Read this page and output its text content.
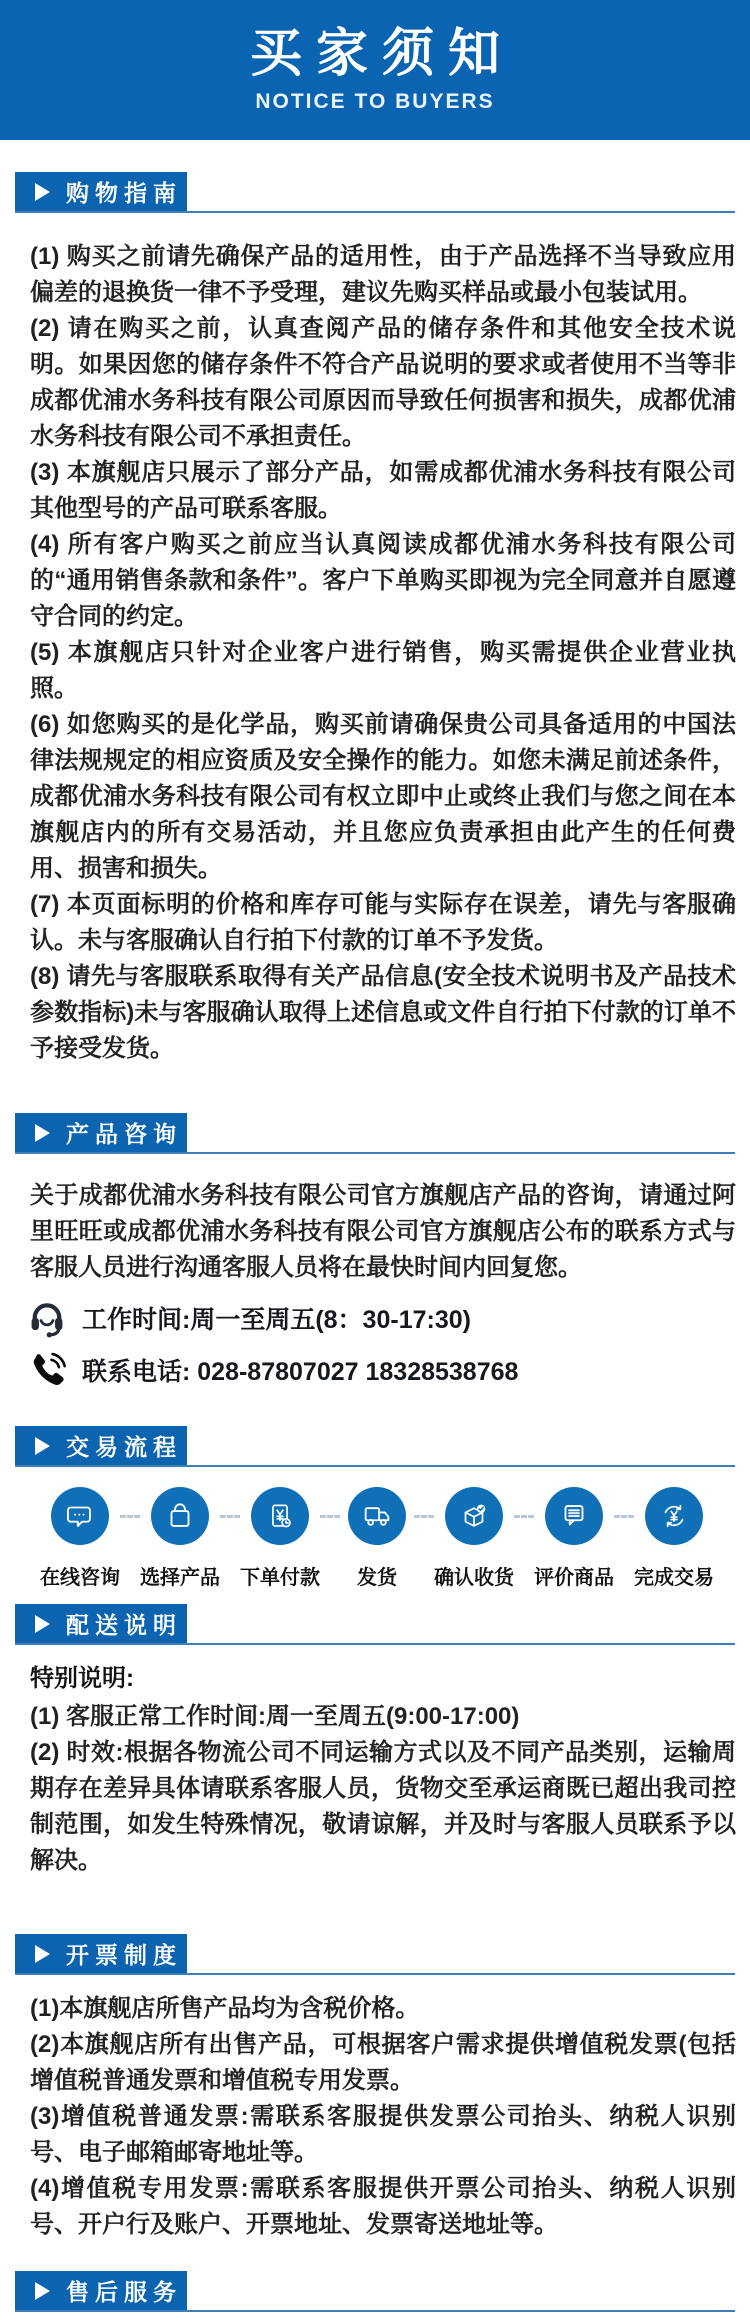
买家须知
NOTICE TO BUYERS
购物指南

(1) 购买之前请先确保产品的适用性，由于产品选择不当导致应用偏差的退换货一律不予受理，建议先购买样品或最小包装试用。

(2) 请在购买之前，认真查阅产品的储存条件和其他安全技术说明。如果因您的储存条件不符合产品说明的要求或者使用不当等非成都优浦水务科技有限公司原因而导致任何损害和损失，成都优浦水务科技有限公司不承担责任。

(3) 本旗舰店只展示了部分产品，如需成都优浦水务科技有限公司其他型号的产品可联系客服。

(4) 所有客户购买之前应当认真阅读成都优浦水务科技有限公司的“通用销售条款和条件”。客户下单购买即视为完全同意并自愿遵守合同的约定。

(5) 本旗舰店只针对企业客户进行销售，购买需提供企业营业执照。

(6) 如您购买的是化学品，购买前请确保贵公司具备适用的中国法律法规规定的相应资质及安全操作的能力。如您未满足前述条件，成都优浦水务科技有限公司有权立即中止或终止我们与您之间在本旗舰店内的所有交易活动，并且您应负责承担由此产生的任何费用、损害和损失。

(7) 本页面标明的价格和库存可能与实际存在误差，请先与客服确认。未与客服确认自行拍下付款的订单不予发货。

(8) 请先与客服联系取得有关产品信息(安全技术说明书及产品技术参数指标)未与客服确认取得上述信息或文件自行拍下付款的订单不予接受发货。

产品咨询

关于成都优浦水务科技有限公司官方旗舰店产品的咨询，请通过阿里旺旺或成都优浦水务科技有限公司官方旗舰店公布的联系方式与客服人员进行沟通客服人员将在最快时间内回复您。

工作时间:周一至周五(8：30-17:30)
联系电话: 028-87807027 18328538768
交易流程
在线咨询 选择产品 下单付款 发货 确认收货 评价商品 完成交易
配送说明
特别说明:

(1) 客服正常工作时间:周一至周五(9:00-17:00)

(2) 时效:根据各物流公司不同运输方式以及不同产品类别，运输周期存在差异具体请联系客服人员，货物交至承运商既已超出我司控制范围，如发生特殊情况，敬请谅解，并及时与客服人员联系予以解决。

开票制度

(1)本旗舰店所售产品均为含税价格。

(2)本旗舰店所有出售产品，可根据客户需求提供增值税发票(包括增值税普通发票和增值税专用发票。

(3)增值税普通发票:需联系客服提供发票公司抬头、纳税人识别号、电子邮箱邮寄地址等。

(4)增值税专用发票:需联系客服提供开票公司抬头、纳税人识别号、开户行及账户、开票地址、发票寄送地址等。

售后服务
